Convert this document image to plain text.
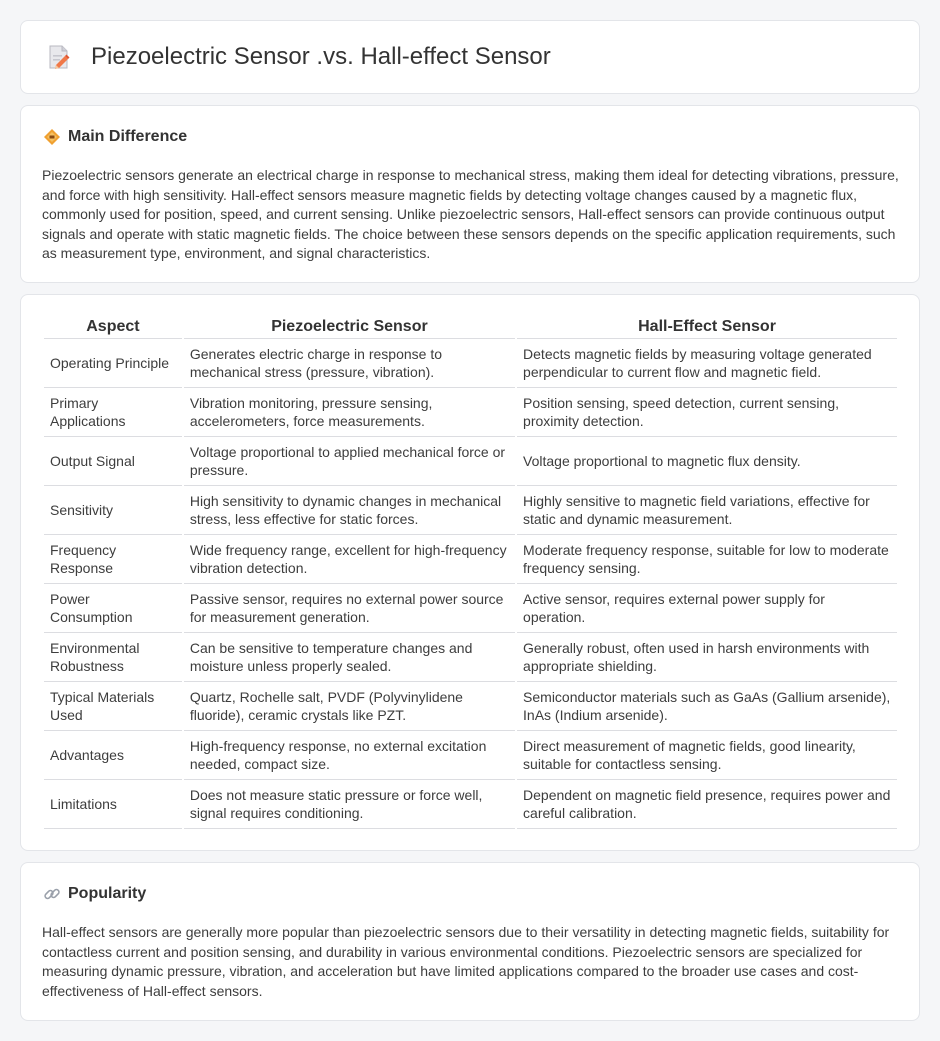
Piezoelectric Sensor .vs. Hall-effect Sensor
Main Difference

Piezoelectric sensors generate an electrical charge in response to mechanical stress, making them ideal for detecting vibrations, pressure, and force with high sensitivity. Hall-effect sensors measure magnetic fields by detecting voltage changes caused by a magnetic flux, commonly used for position, speed, and current sensing. Unlike piezoelectric sensors, Hall-effect sensors can provide continuous output signals and operate with static magnetic fields. The choice between these sensors depends on the specific application requirements, such as measurement type, environment, and signal characteristics.

Aspect	Piezoelectric Sensor	Hall-Effect Sensor
Operating Principle	Generates electric charge in response to mechanical stress (pressure, vibration).	Detects magnetic fields by measuring voltage generated perpendicular to current flow and magnetic field.
Primary Applications	Vibration monitoring, pressure sensing, accelerometers, force measurements.	Position sensing, speed detection, current sensing, proximity detection.
Output Signal	Voltage proportional to applied mechanical force or pressure.	Voltage proportional to magnetic flux density.
Sensitivity	High sensitivity to dynamic changes in mechanical stress, less effective for static forces.	Highly sensitive to magnetic field variations, effective for static and dynamic measurement.
Frequency Response	Wide frequency range, excellent for high-frequency vibration detection.	Moderate frequency response, suitable for low to moderate frequency sensing.
Power Consumption	Passive sensor, requires no external power source for measurement generation.	Active sensor, requires external power supply for operation.
Environmental Robustness	Can be sensitive to temperature changes and moisture unless properly sealed.	Generally robust, often used in harsh environments with appropriate shielding.
Typical Materials Used	Quartz, Rochelle salt, PVDF (Polyvinylidene fluoride), ceramic crystals like PZT.	Semiconductor materials such as GaAs (Gallium arsenide), InAs (Indium arsenide).
Advantages	High-frequency response, no external excitation needed, compact size.	Direct measurement of magnetic fields, good linearity, suitable for contactless sensing.
Limitations	Does not measure static pressure or force well, signal requires conditioning.	Dependent on magnetic field presence, requires power and careful calibration.
Popularity

Hall-effect sensors are generally more popular than piezoelectric sensors due to their versatility in detecting magnetic fields, suitability for contactless current and position sensing, and durability in various environmental conditions. Piezoelectric sensors are specialized for measuring dynamic pressure, vibration, and acceleration but have limited applications compared to the broader use cases and cost-effectiveness of Hall-effect sensors.
